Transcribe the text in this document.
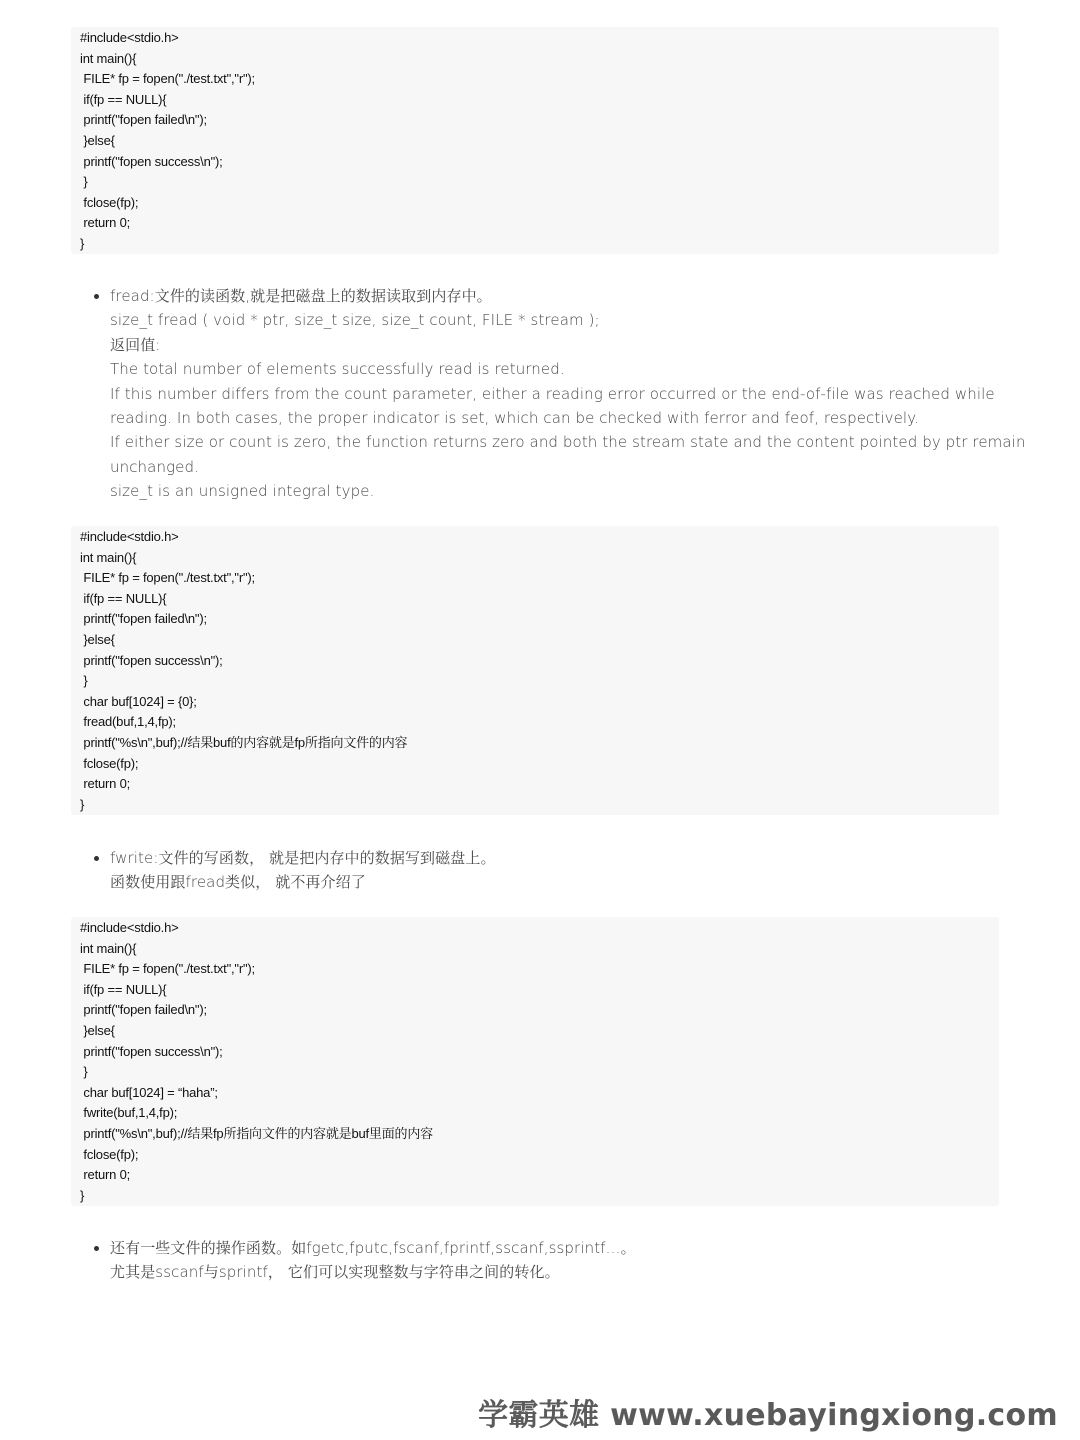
#include<stdio.h>
int main(){
FILE* fp = fopen("./test.txt","r");
if(fp == NULL){
printf("fopen failed\n");
}else{
printf("fopen success\n");
}
fclose(fp);
return 0;
}
fread:文件的读函数,就是把磁盘上的数据读取到内存中。
size_t fread ( void * ptr, size_t size, size_t count, FILE * stream );
返回值:
The total number of elements successfully read is returned.
If this number differs from the count parameter, either a reading error occurred or the end-of-file was reached while
reading. In both cases, the proper indicator is set, which can be checked with ferror and feof, respectively.
If either size or count is zero, the function returns zero and both the stream state and the content pointed by ptr remain
unchanged.
size_t is an unsigned integral type.
#include<stdio.h>
int main(){
FILE* fp = fopen("./test.txt","r");
if(fp == NULL){
printf("fopen failed\n");
}else{
printf("fopen success\n");
}
char buf[1024] = {0};
fread(buf,1,4,fp);
printf("%s\n",buf);//结果buf的内容就是fp所指向文件的内容
fclose(fp);
return 0;
}
fwrite:文件的写函数， 就是把内存中的数据写到磁盘上。
函数使用跟fread类似， 就不再介绍了
#include<stdio.h>
int main(){
FILE* fp = fopen("./test.txt","r");
if(fp == NULL){
printf("fopen failed\n");
}else{
printf("fopen success\n");
}
char buf[1024] = “haha”;
fwrite(buf,1,4,fp);
printf("%s\n",buf);//结果fp所指向文件的内容就是buf里面的内容
fclose(fp);
return 0;
}
还有一些文件的操作函数。如fgetc,fputc,fscanf,fprintf,sscanf,ssprintf…。
尤其是sscanf与sprintf， 它们可以实现整数与字符串之间的转化。
学霸英雄 www.xuebayingxiong.com
